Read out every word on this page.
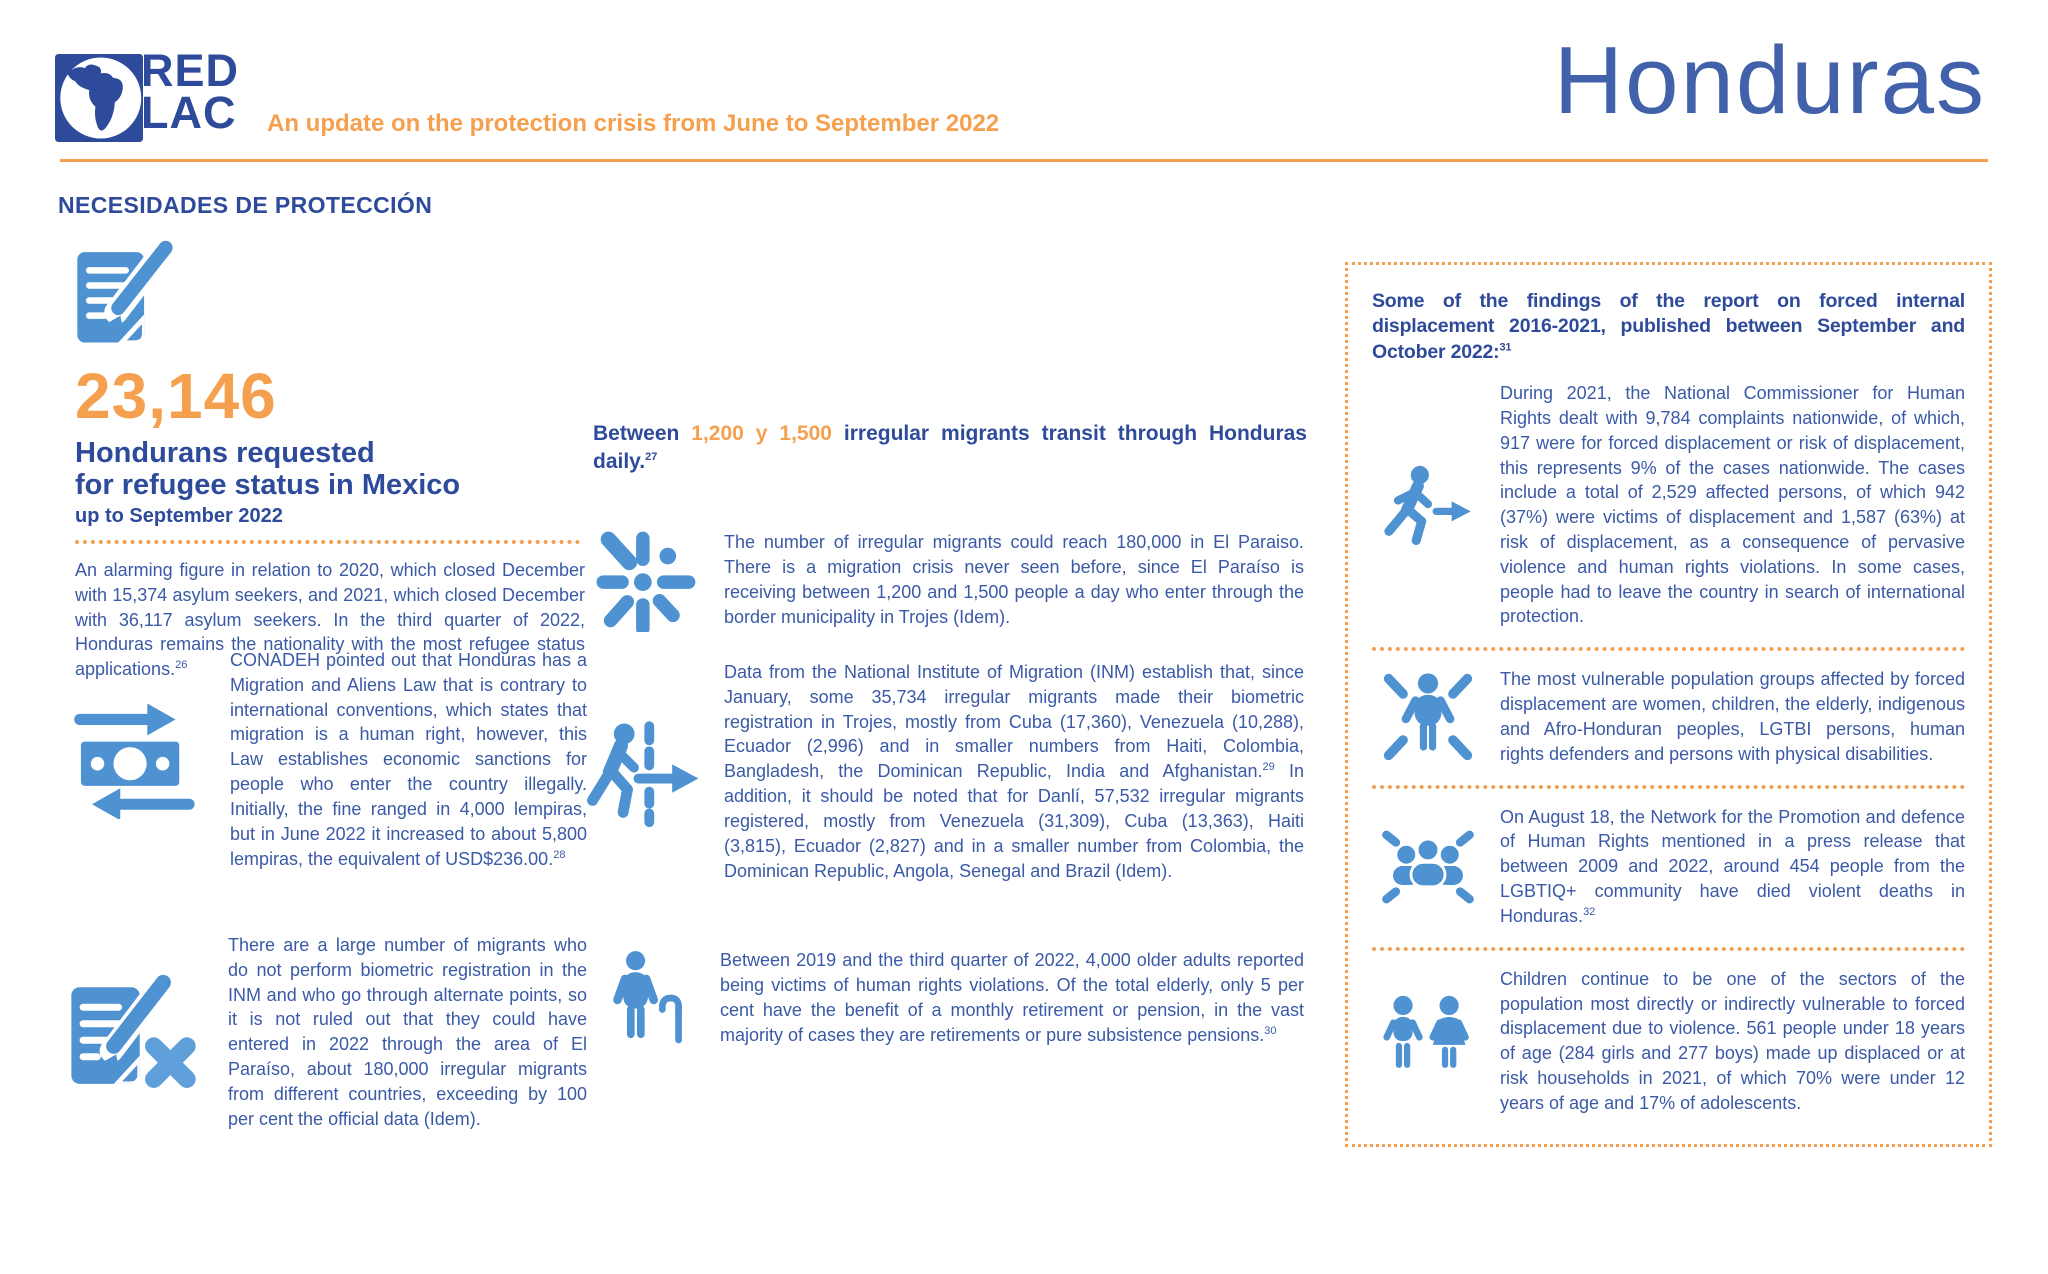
RED
LAC An update on the protection crisis from June to September 2022	Honduras
NECESIDADES DE PROTECCIÓN
23,146
Hondurans requested
for refugee status in Mexico
up to September 2022
An alarming figure in relation to 2020, which closed December with 15,374 asylum seekers, and 2021, which closed December with 36,117 asylum seekers. In the third quarter of 2022, Honduras remains the nationality with the most refugee status applications.$^{26}$	CONADEH pointed out that Honduras has a Migration and Aliens Law that is contrary to international conventions, which states that migration is a human right, however, this Law establishes economic sanctions for people who enter the country illegally. Initially, the fine ranged in 4,000 lempiras, but in June 2022 it increased to about 5,800 lempiras, the equivalent of USD$236.00.28
There are a large number of migrants who do not perform biometric registration in the INM and who go through alternate points, so it is not ruled out that they could have entered in 2022 through the area of El Paraíso, about 180,000 irregular migrants from different countries, exceeding by 100 per cent the official data (Idem).
Between 1,200 y 1,500 irregular migrants transit through Honduras daily.$^{27}$
The number of irregular migrants could reach 180,000 in El Paraiso. There is a migration crisis never seen before, since El Paraíso is receiving between 1,200 and 1,500 people a day who enter through the border municipality in Trojes (Idem).
Data from the National Institute of Migration (INM) establish that, since January, some 35,734 irregular migrants made their biometric registration in Trojes, mostly from Cuba (17,360), Venezuela (10,288), Ecuador (2,996) and in smaller numbers from Haiti, Colombia, Bangladesh, the Dominican Republic, India and Afghanistan.$^{29}$ In addition, it should be noted that for Danlí, 57,532 irregular migrants registered, mostly from Venezuela (31,309), Cuba (13,363), Haiti (3,815), Ecuador (2,827) and in a smaller number from Colombia, the Dominican Republic, Angola, Senegal and Brazil (Idem).
Between 2019 and the third quarter of 2022, 4,000 older adults reported being victims of human rights violations. Of the total elderly, only 5 per cent have the benefit of a monthly retirement or pension, in the vast majority of cases they are retirements or pure subsistence pensions.$^{30}$
Some of the findings of the report on forced internal displacement 2016-2021, published between September and October 2022:$^{31}$
During 2021, the National Commissioner for Human Rights dealt with 9,784 complaints nationwide, of which, 917 were for forced displacement or risk of displacement, this represents 9% of the cases nationwide. The cases include a total of 2,529 affected persons, of which 942 (37%) were victims of displacement and 1,587 (63%) at risk of displacement, as a consequence of pervasive violence and human rights violations. In some cases, people had to leave the country in search of international protection.
The most vulnerable population groups affected by forced displacement are women, children, the elderly, indigenous and Afro-Honduran peoples, LGTBI persons, human rights defenders and persons with physical disabilities.
On August 18, the Network for the Promotion and defence of Human Rights mentioned in a press release that between 2009 and 2022, around 454 people from the LGBTIQ+ community have died violent deaths in Honduras.$^{32}$
Children continue to be one of the sectors of the population most directly or indirectly vulnerable to forced displacement due to violence. 561 people under 18 years of age (284 girls and 277 boys) made up displaced or at risk households in 2021, of which 70% were under 12 years of age and 17% of adolescents.
